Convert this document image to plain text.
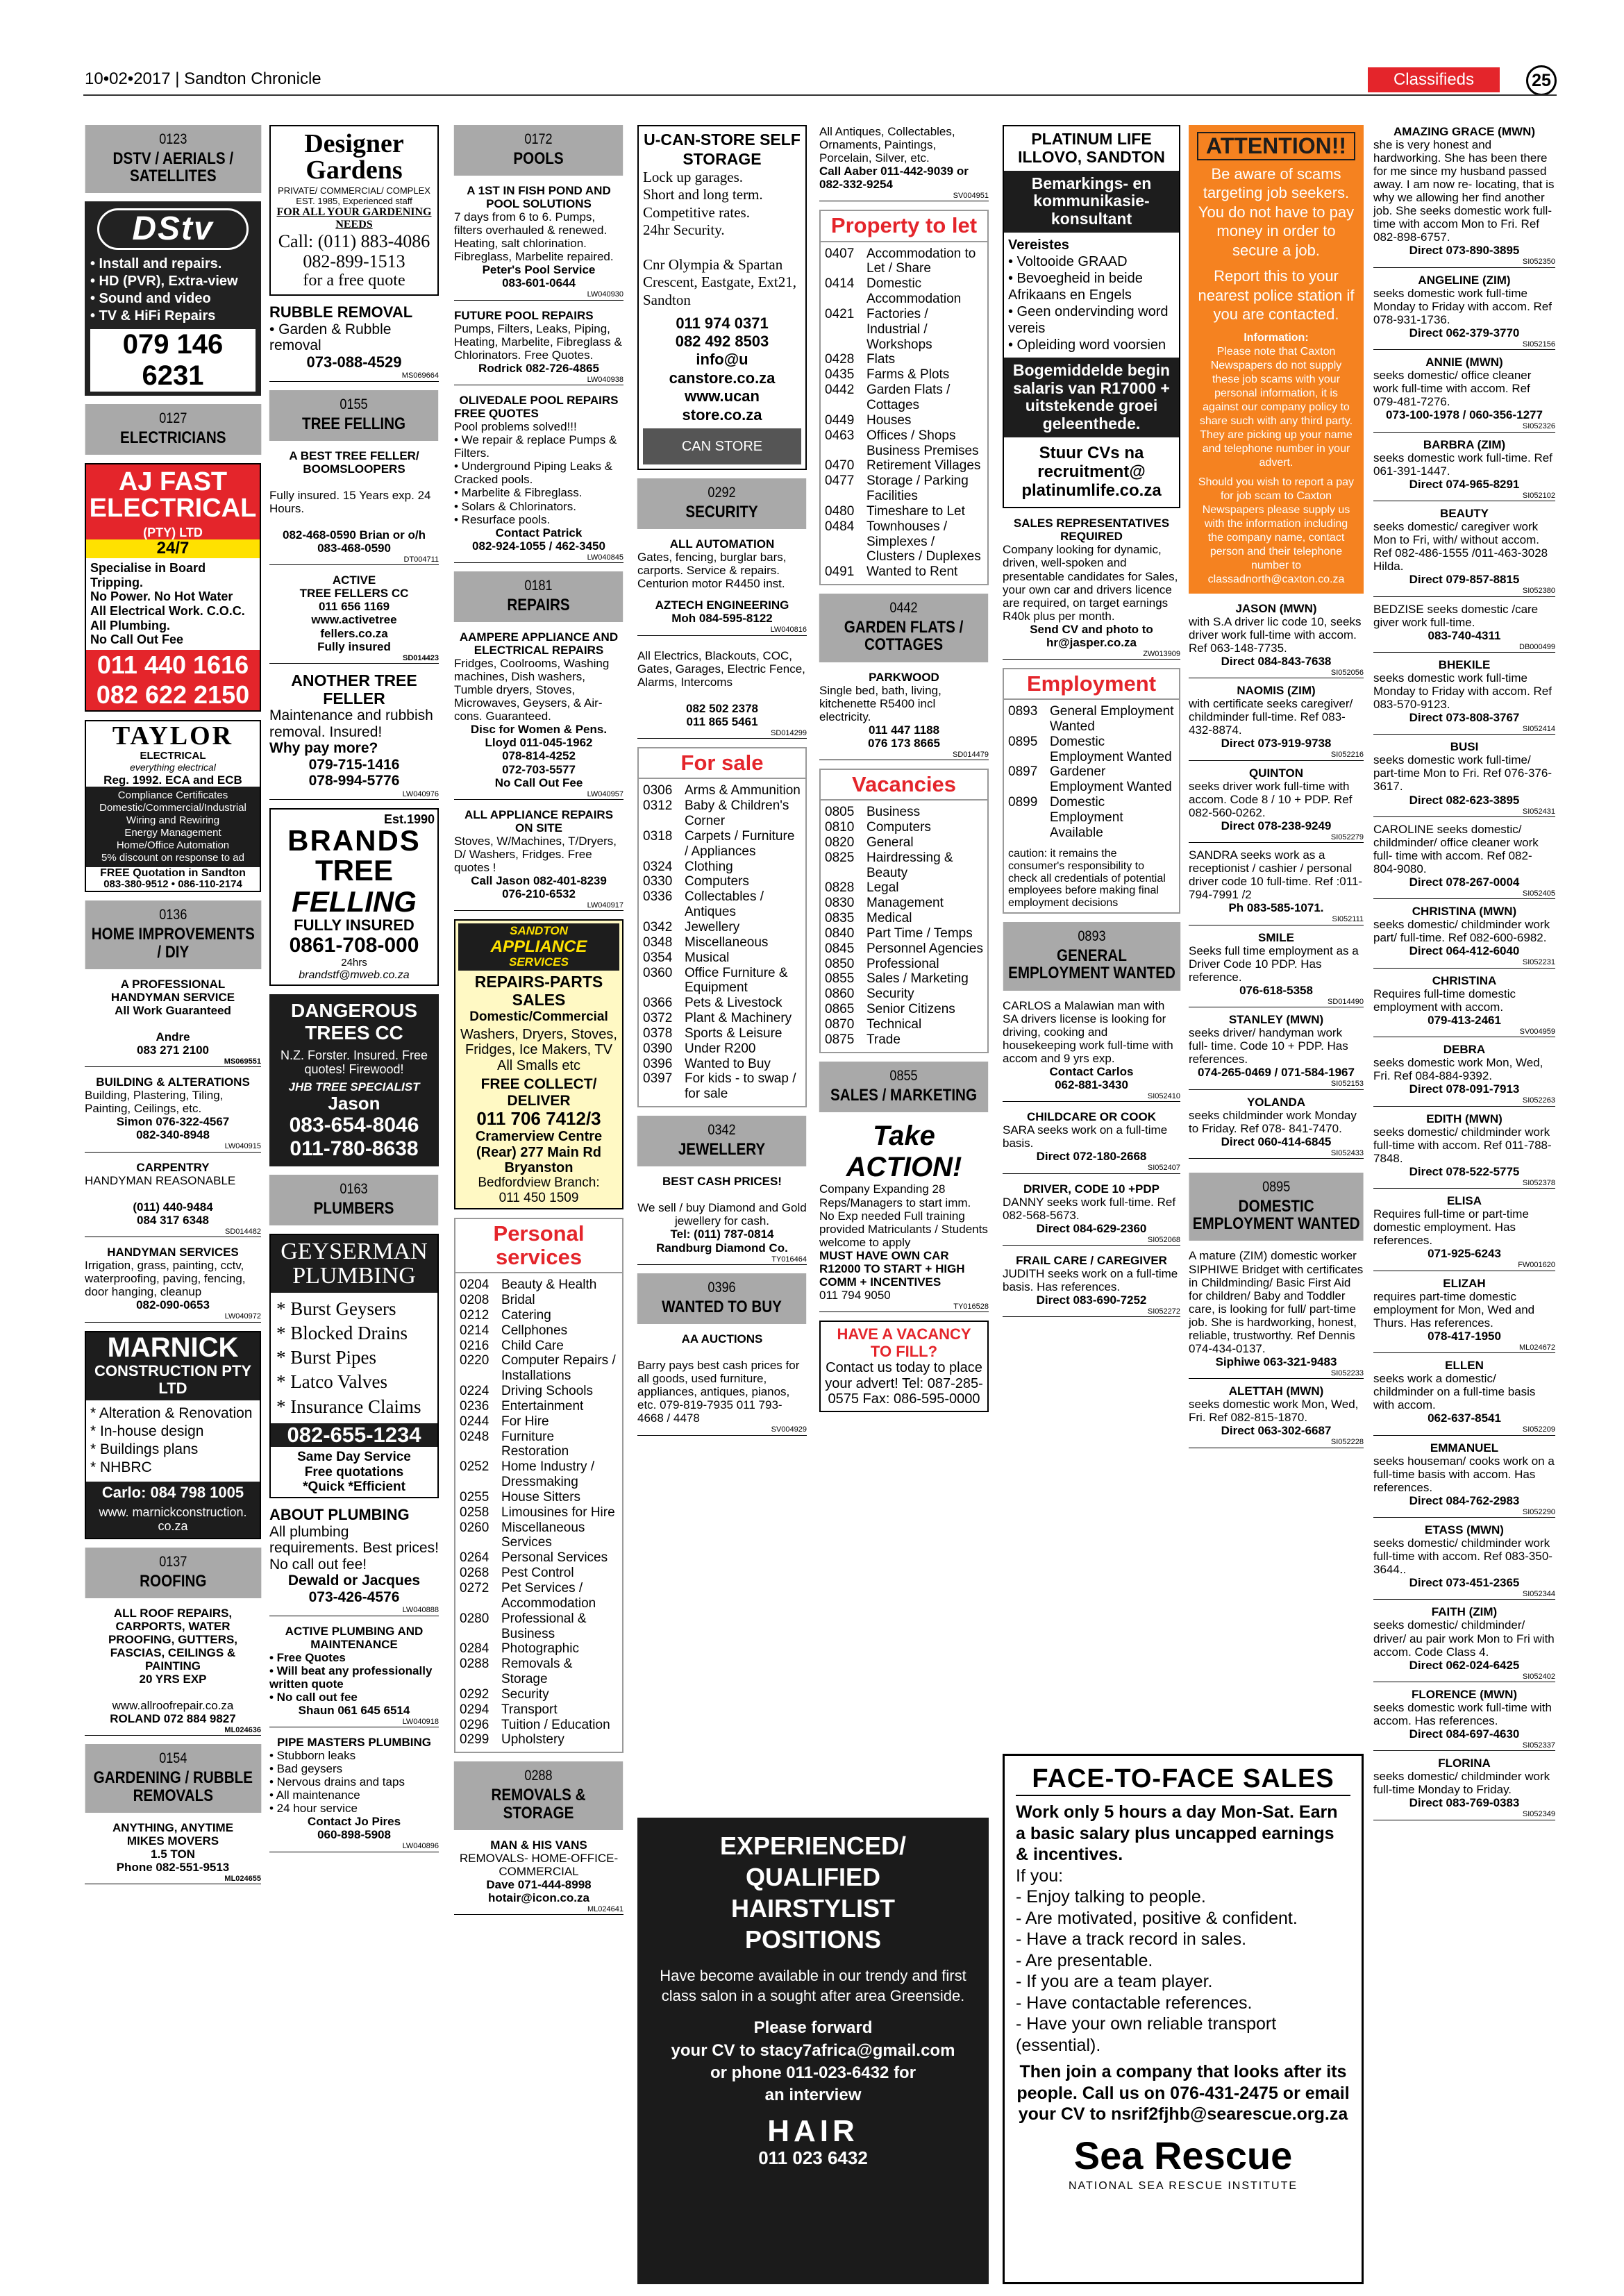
10•02•2017 | Sandton Chronicle	Classifieds	25
0123
DSTV / AERIALS / SATELLITES
DStv
• Install and repairs.
• HD (PVR), Extra-view
• Sound and video
• TV & HiFi Repairs
079 146 6231
0127
ELECTRICIANS
AJ FAST ELECTRICAL
(PTY) LTD
24/7
Specialise in Board Tripping.
No Power. No Hot Water
All Electrical Work. C.O.C.
All Plumbing.
No Call Out Fee
011 440 1616
082 622 2150
TAYLOR
ELECTRICAL
everything electrical
Reg. 1992. ECA and ECB
Compliance Certificates
Domestic/Commercial/Industrial
Wiring and Rewiring
Energy Management
Home/Office Automation
5% discount on response to ad
FREE Quotation in Sandton
083-380-9512 • 086-110-2174
0136
HOME IMPROVEMENTS / DIY
A PROFESSIONAL
HANDYMAN SERVICE
All Work Guaranteed

Andre
083 271 2100
MS069551
BUILDING & ALTERATIONS
Building, Plastering, Tiling, Painting, Ceilings, etc.
Simon 076-322-4567
082-340-8948
LW040915
CARPENTRY
HANDYMAN REASONABLE

(011) 440-9484
084 317 6348
SD014482
HANDYMAN SERVICES
Irrigation, grass, painting, cctv, waterproofing, paving, fencing, door hanging, cleanup
082-090-0653
LW040972
MARNICK
CONSTRUCTION PTY LTD
* Alteration & Renovation
* In-house design
* Buildings plans
* NHBRC
Carlo: 084 798 1005
www. marnickconstruction. co.za
0137
ROOFING
ALL ROOF REPAIRS, CARPORTS, WATER PROOFING, GUTTERS, FASCIAS, CEILINGS & PAINTING
20 YRS EXP

www.allroofrepair.co.za
ROLAND 072 884 9827
ML024636
0154
GARDENING / RUBBLE REMOVALS
ANYTHING, ANYTIME
MIKES MOVERS
1.5 TON
Phone 082-551-9513
ML024655
Designer Gardens
PRIVATE/ COMMERCIAL/ COMPLEX
EST. 1985, Experienced staff
FOR ALL YOUR GARDENING NEEDS
Call: (011) 883-4086
082-899-1513
for a free quote
RUBBLE REMOVAL
• Garden & Rubble removal
073-088-4529
MS069664
0155
TREE FELLING
A BEST TREE FELLER/ BOOMSLOOPERS

Fully insured. 15 Years exp. 24 Hours.

082-468-0590 Brian or o/h 083-468-0590
DT004711
ACTIVE
TREE FELLERS CC
011 656 1169
www.activetree
fellers.co.za
Fully insured
SD014423
ANOTHER TREE FELLER
Maintenance and rubbish removal. Insured!
Why pay more?
079-715-1416
078-994-5776
LW040976
Est.1990
BRANDS
TREE
FELLING
FULLY INSURED
0861-708-000
24hrs
brandstf@mweb.co.za
DANGEROUS TREES CC
N.Z. Forster. Insured. Free quotes! Firewood!
JHB TREE SPECIALIST
Jason
083-654-8046
011-780-8638
0163
PLUMBERS
GEYSERMAN PLUMBING
* Burst Geysers
* Blocked Drains
* Burst Pipes
* Latco Valves
* Insurance Claims
082-655-1234
Same Day Service
Free quotations
*Quick *Efficient
ABOUT PLUMBING
All plumbing requirements. Best prices! No call out fee!
Dewald or Jacques
073-426-4576
LW040888
ACTIVE PLUMBING AND MAINTENANCE
• Free Quotes
• Will beat any professionally written quote
• No call out fee
Shaun 061 645 6514
LW040918
PIPE MASTERS PLUMBING
• Stubborn leaks
• Bad geysers
• Nervous drains and taps
• All maintenance
• 24 hour service
Contact Jo Pires
060-898-5908
LW040896
0172
POOLS
A 1ST IN FISH POND AND POOL SOLUTIONS
7 days from 6 to 6. Pumps, filters overhauled & renewed. Heating, salt chlorination. Fibreglass, Marbelite repaired.
Peter's Pool Service
083-601-0644
LW040930
FUTURE POOL REPAIRS
Pumps, Filters, Leaks, Piping, Heating, Marbelite, Fibreglass & Chlorinators. Free Quotes.
Rodrick 082-726-4865
LW040938
OLIVEDALE POOL REPAIRS
FREE QUOTES
Pool problems solved!!!
• We repair & replace Pumps & Filters.
• Underground Piping Leaks & Cracked pools.
• Marbelite & Fibreglass.
• Solars & Chlorinators.
• Resurface pools.
Contact Patrick
082-924-1055 / 462-3450
LW040845
0181
REPAIRS
AAMPERE APPLIANCE AND ELECTRICAL REPAIRS
Fridges, Coolrooms, Washing machines, Dish washers, Tumble dryers, Stoves, Microwaves, Geysers, & Air-cons. Guaranteed.
Disc for Women & Pens.
Lloyd 011-045-1962
078-814-4252
072-703-5577
No Call Out Fee
LW040957
ALL APPLIANCE REPAIRS ON SITE
Stoves, W/Machines, T/Dryers, D/ Washers, Fridges. Free quotes !
Call Jason 082-401-8239
076-210-6532
LW040917
SANDTON
APPLIANCE
SERVICES
REPAIRS-PARTS SALES
Domestic/Commercial
Washers, Dryers, Stoves, Fridges, Ice Makers, TV All Smalls etc
FREE COLLECT/ DELIVER
011 706 7412/3
Cramerview Centre (Rear) 277 Main Rd Bryanston
Bedfordview Branch:
011 450 1509
Personal services
0204 Beauty & Health
0208 Bridal
0212 Catering
0214 Cellphones
0216 Child Care
0220 Computer Repairs / Installations
0224 Driving Schools
0236 Entertainment
0244 For Hire
0248 Furniture Restoration
0252 Home Industry / Dressmaking
0255 House Sitters
0258 Limousines for Hire
0260 Miscellaneous Services
0264 Personal Services
0268 Pest Control
0272 Pet Services / Accommodation
0280 Professional & Business
0284 Photographic
0288 Removals & Storage
0292 Security
0294 Transport
0296 Tuition / Education
0299 Upholstery
0288
REMOVALS & STORAGE
MAN & HIS VANS
REMOVALS- HOME-OFFICE- COMMERCIAL
Dave 071-444-8998
hotair@icon.co.za
ML024641
U-CAN-STORE SELF STORAGE
Lock up garages.
Short and long term.
Competitive rates.
24hr Security.

Cnr Olympia & Spartan Crescent, Eastgate, Ext21, Sandton
011 974 0371
082 492 8503
info@u canstore.co.za
www.ucan store.co.za
CAN STORE
0292
SECURITY
ALL AUTOMATION
Gates, fencing, burglar bars, carports. Service & repairs. Centurion motor R4450 inst.
AZTECH ENGINEERING
Moh 084-595-8122
LW040816

All Electrics, Blackouts, COC, Gates, Garages, Electric Fence, Alarms, Intercoms

082 502 2378
011 865 5461
SD014299
For sale
0306 Arms & Ammunition
0312 Baby & Children's Corner
0318 Carpets / Furniture / Appliances
0324 Clothing
0330 Computers
0336 Collectables / Antiques
0342 Jewellery
0348 Miscellaneous
0354 Musical
0360 Office Furniture & Equipment
0366 Pets & Livestock
0372 Plant & Machinery
0378 Sports & Leisure
0390 Under R200
0396 Wanted to Buy
0397 For kids - to swap / for sale
0342
JEWELLERY
BEST CASH PRICES!

We sell / buy Diamond and Gold jewellery for cash.
Tel: (011) 787-0814
Randburg Diamond Co.
TY016464
0396
WANTED TO BUY
AA AUCTIONS

Barry pays best cash prices for all goods, used furniture, appliances, antiques, pianos, etc. 079-819-7935 011 793- 4668 / 4478
SV004929
All Antiques, Collectables, Ornaments, Paintings, Porcelain, Silver, etc.
Call Aaber 011-442-9039 or 082-332-9254
SV004951
Property to let
0407 Accommodation to Let / Share
0414 Domestic Accommodation
0421 Factories / Industrial / Workshops
0428 Flats
0435 Farms & Plots
0442 Garden Flats / Cottages
0449 Houses
0463 Offices / Shops Business Premises
0470 Retirement Villages
0477 Storage / Parking Facilities
0480 Timeshare to Let
0484 Townhouses / Simplexes / Clusters / Duplexes
0491 Wanted to Rent
0442
GARDEN FLATS / COTTAGES
PARKWOOD
Single bed, bath, living, kitchenette R5400 incl electricity.
011 447 1188
076 173 8665
SD014479
Vacancies
0805 Business
0810 Computers
0820 General
0825 Hairdressing & Beauty
0828 Legal
0830 Management
0835 Medical
0840 Part Time / Temps
0845 Personnel Agencies
0850 Professional
0855 Sales / Marketing
0860 Security
0865 Senior Citizens
0870 Technical
0875 Trade
0855
SALES / MARKETING
Take ACTION!
Company Expanding 28 Reps/Managers to start imm. No Exp needed Full training provided Matriculants / Students welcome to apply
MUST HAVE OWN CAR R12000 TO START + HIGH COMM + INCENTIVES
011 794 9050
TY016528
HAVE A VACANCY TO FILL?
Contact us today to place your advert! Tel: 087-285-0575 Fax: 086-595-0000
EXPERIENCED/
QUALIFIED
HAIRSTYLIST
POSITIONS
Have become available in our trendy and first class salon in a sought after area Greenside.
Please forward
your CV to stacy7africa@gmail.com
or phone 011-023-6432 for
an interview
HAIR
011 023 6432
PLATINUM LIFE ILLOVO, SANDTON
Bemarkings- en kommunikasie-konsultant
Vereistes
• Voltooide GRAAD
• Bevoegheid in beide Afrikaans en Engels
• Geen ondervinding word vereis
• Opleiding word voorsien
Bogemiddelde begin salaris van R17000 + uitstekende groei geleenthede.
Stuur CVs na recruitment@ platinumlife.co.za
SALES REPRESENTATIVES REQUIRED
Company looking for dynamic, driven, well-spoken and presentable candidates for Sales, your own car and drivers licence are required, on target earnings R40k plus per month.
Send CV and photo to hr@jasper.co.za
ZW013909
Employment
0893 General Employment Wanted
0895 Domestic Employment Wanted
0897 Gardener Employment Wanted
0899 Domestic Employment Available
caution: it remains the consumer's responsibility to check all credentials of potential employees before making final employment decisions
0893
GENERAL EMPLOYMENT WANTED
CARLOS a Malawian man with SA drivers license is looking for driving, cooking and housekeeping work full-time with accom and 9 yrs exp.
Contact Carlos
062-881-3430
SI052410
CHILDCARE OR COOK
SARA seeks work on a full-time basis.
Direct 072-180-2668
SI052407
DRIVER, CODE 10 +PDP
DANNY seeks work full-time. Ref 082-568-5673.
Direct 084-629-2360
SI052068
FRAIL CARE / CAREGIVER
JUDITH seeks work on a full-time basis. Has references.
Direct 083-690-7252
SI052272
ATTENTION!!
Be aware of scams targeting job seekers. You do not have to pay money in order to secure a job.
Report this to your nearest police station if you are contacted.
Information:
Please note that Caxton Newspapers do not supply these job scams with your personal information, it is against our company policy to share such with any third party. They are picking up your name and telephone number in your advert.
Should you wish to report a pay for job scam to Caxton Newspapers please supply us with the information including the company name, contact person and their telephone number to classadnorth@caxton.co.za
JASON (MWN)
with S.A driver lic code 10, seeks driver work full-time with accom. Ref 063-148-7735.
Direct 084-843-7638
SI052056
NAOMIS (ZIM)
with certificate seeks caregiver/ childminder full-time. Ref 083-432-8874.
Direct 073-919-9738
SI052216
QUINTON
seeks driver work full-time with accom. Code 8 / 10 + PDP. Ref 082-560-0262.
Direct 078-238-9249
SI052279
SANDRA seeks work as a receptionist / cashier / personal driver code 10 full-time. Ref :011-794-7991 /2
Ph 083-585-1071.
SI052111
SMILE
Seeks full time employment as a Driver Code 10 PDP. Has reference.
076-618-5358
SD014490
STANLEY (MWN)
seeks driver/ handyman work full- time. Code 10 + PDP. Has references.
074-265-0469 / 071-584-1967
SI052153
YOLANDA
seeks childminder work Monday to Friday. Ref 078- 841-7470.
Direct 060-414-6845
SI052433
0895
DOMESTIC EMPLOYMENT WANTED
A mature (ZIM) domestic worker SIPHIWE Bridget with certificates in Childminding/ Basic First Aid for children/ Baby and Toddler care, is looking for full/ part-time job. She is hardworking, honest, reliable, trustworthy. Ref Dennis 074-434-0137.
Siphiwe 063-321-9483
SI052233
ALETTAH (MWN)
seeks domestic work Mon, Wed, Fri. Ref 082-815-1870.
Direct 063-302-6687
SI052228
AMAZING GRACE (MWN)
she is very honest and hardworking. She has been there for me since my husband passed away. I am now re- locating, that is why we allowing her find another job. She seeks domestic work full-time with accom Mon to Fri. Ref 082-898-6757.
Direct 073-890-3895
SI052350
ANGELINE (ZIM)
seeks domestic work full-time Monday to Friday with accom. Ref 078-931-1736.
Direct 062-379-3770
SI052156
ANNIE (MWN)
seeks domestic/ office cleaner work full-time with accom. Ref 079-481-7276.
073-100-1978 / 060-356-1277
SI052326
BARBRA (ZIM)
seeks domestic work full-time. Ref 061-391-1447.
Direct 074-965-8291
SI052102
BEAUTY
seeks domestic/ caregiver work Mon to Fri, with/ without accom. Ref 082-486-1555 /011-463-3028 Hilda.
Direct 079-857-8815
SI052380
BEDZISE seeks domestic /care giver work full-time.
083-740-4311
DB000499
BHEKILE
seeks domestic work full-time Monday to Friday with accom. Ref 083-570-9123.
Direct 073-808-3767
SI052414
BUSI
seeks domestic work full-time/ part-time Mon to Fri. Ref 076-376-3617.
Direct 082-623-3895
SI052431
CAROLINE seeks domestic/ childminder/ office cleaner work full- time with accom. Ref 082-804-9080.
Direct 078-267-0004
SI052405
CHRISTINA (MWN)
seeks domestic/ childminder work part/ full-time. Ref 082-600-6982.
Direct 064-412-6040
SI052231
CHRISTINA
Requires full-time domestic employment with accom.
079-413-2461
SV004959
DEBRA
seeks domestic work Mon, Wed, Fri. Ref 084-884-9392.
Direct 078-091-7913
SI052263
EDITH (MWN)
seeks domestic/ childminder work full-time with accom. Ref 011-788-7848.
Direct 078-522-5775
SI052378
ELISA
Requires full-time or part-time domestic employment. Has references.
071-925-6243
FW001620
ELIZAH
requires part-time domestic employment for Mon, Wed and Thurs. Has references.
078-417-1950
ML024672
ELLEN
seeks work a domestic/ childminder on a full-time basis with accom.
062-637-8541
SI052209
EMMANUEL
seeks houseman/ cooks work on a full-time basis with accom. Has references.
Direct 084-762-2983
SI052290
ETASS (MWN)
seeks domestic/ childminder work full-time with accom. Ref 083-350-3644..
Direct 073-451-2365
SI052344
FAITH (ZIM)
seeks domestic/ childminder/ driver/ au pair work Mon to Fri with accom. Code Class 4.
Direct 062-024-6425
SI052402
FLORENCE (MWN)
seeks domestic work full-time with accom. Has references.
Direct 084-697-4630
SI052337
FLORINA
seeks domestic/ childminder work full-time Monday to Friday.
Direct 083-769-0383
SI052349
FACE-TO-FACE SALES
Work only 5 hours a day Mon-Sat. Earn a basic salary plus uncapped earnings & incentives.
If you:
- Enjoy talking to people.
- Are motivated, positive & confident.
- Have a track record in sales.
- Are presentable.
- If you are a team player.
- Have contactable references.
- Have your own reliable transport (essential).
Then join a company that looks after its people. Call us on 076-431-2475 or email your CV to nsrif2fjhb@searescue.org.za
Sea Rescue
NATIONAL SEA RESCUE INSTITUTE
